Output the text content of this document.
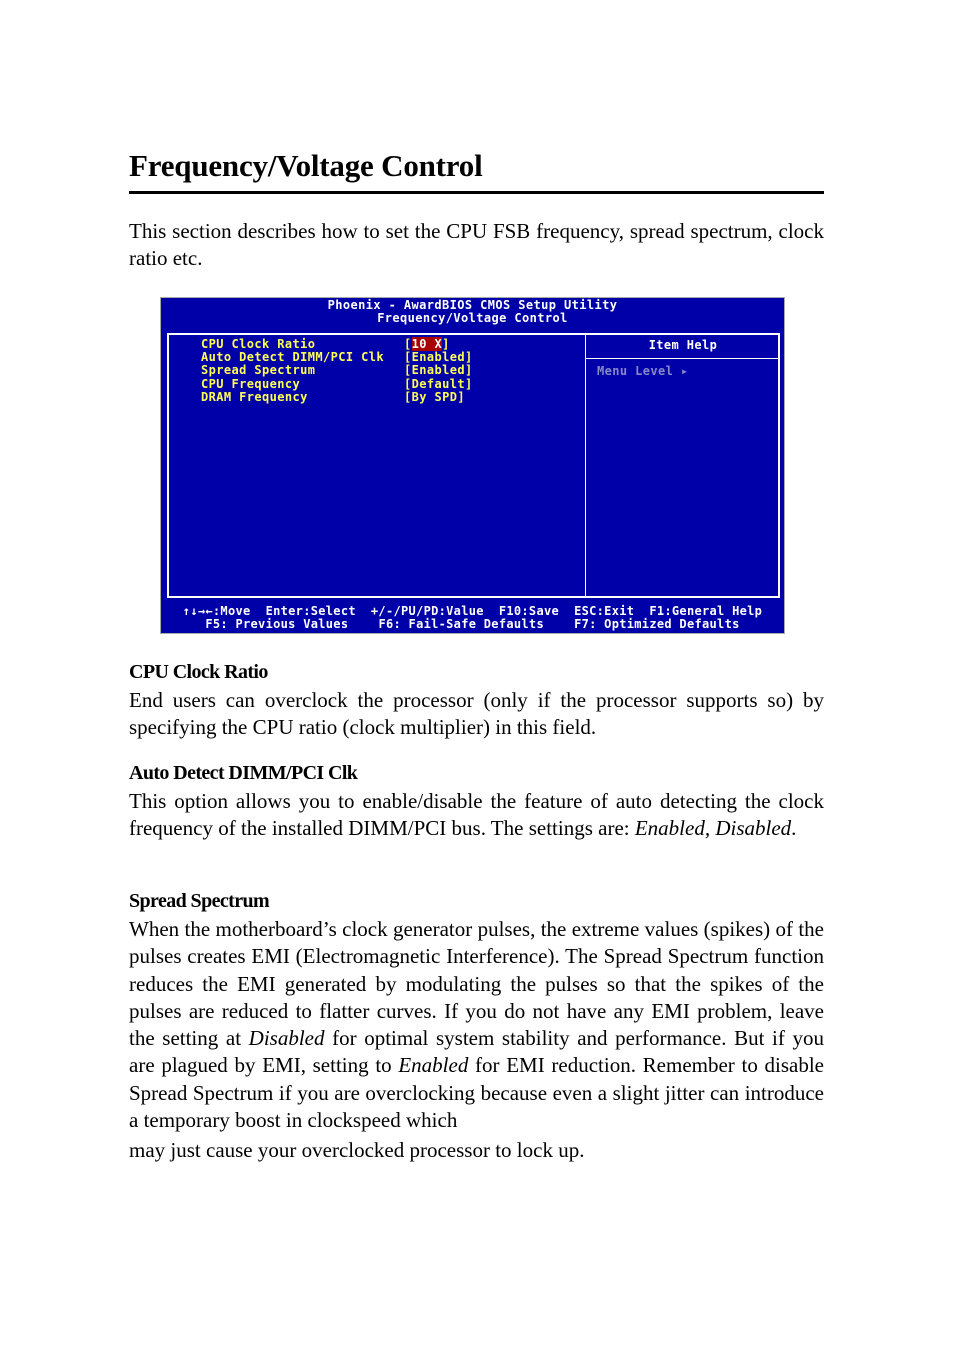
Frequency/Voltage Control

This section describes how to set the CPU FSB frequency, spread spectrum, clock ratio etc.

Phoenix - AwardBIOS CMOS Setup Utility
Frequency/Voltage Control
Item Help
Menu Level ▸
CPU Clock Ratio	[10 X]
Auto Detect DIMM/PCI Clk [Enabled]
Spread Spectrum	[Enabled]
CPU Frequency	[Default]
DRAM Frequency	[By SPD]
↑↓→←:Move  Enter:Select  +/-/PU/PD:Value  F10:Save  ESC:Exit  F1:General Help
F5: Previous Values    F6: Fail-Safe Defaults    F7: Optimized Defaults
CPU Clock Ratio

End users can overclock the processor (only if the processor supports so) by specifying the CPU ratio (clock multiplier) in this field.

Auto Detect DIMM/PCI Clk

This option allows you to enable/disable the feature of auto detecting the clock frequency of the installed DIMM/PCI bus. The settings are: Enabled, Disabled.

Spread Spectrum

When the motherboard’s clock generator pulses, the extreme values (spikes) of the pulses creates EMI (Electromagnetic Interference). The Spread Spectrum function reduces the EMI generated by modulating the pulses so that the spikes of the pulses are reduced to flatter curves. If you do not have any EMI problem, leave the setting at Disabled for optimal system stability and performance. But if you are plagued by EMI, setting to Enabled for EMI reduction. Remember to disable Spread Spectrum if you are overclocking because even a slight jitter can introduce a temporary boost in clockspeed which
may just cause your overclocked processor to lock up.
